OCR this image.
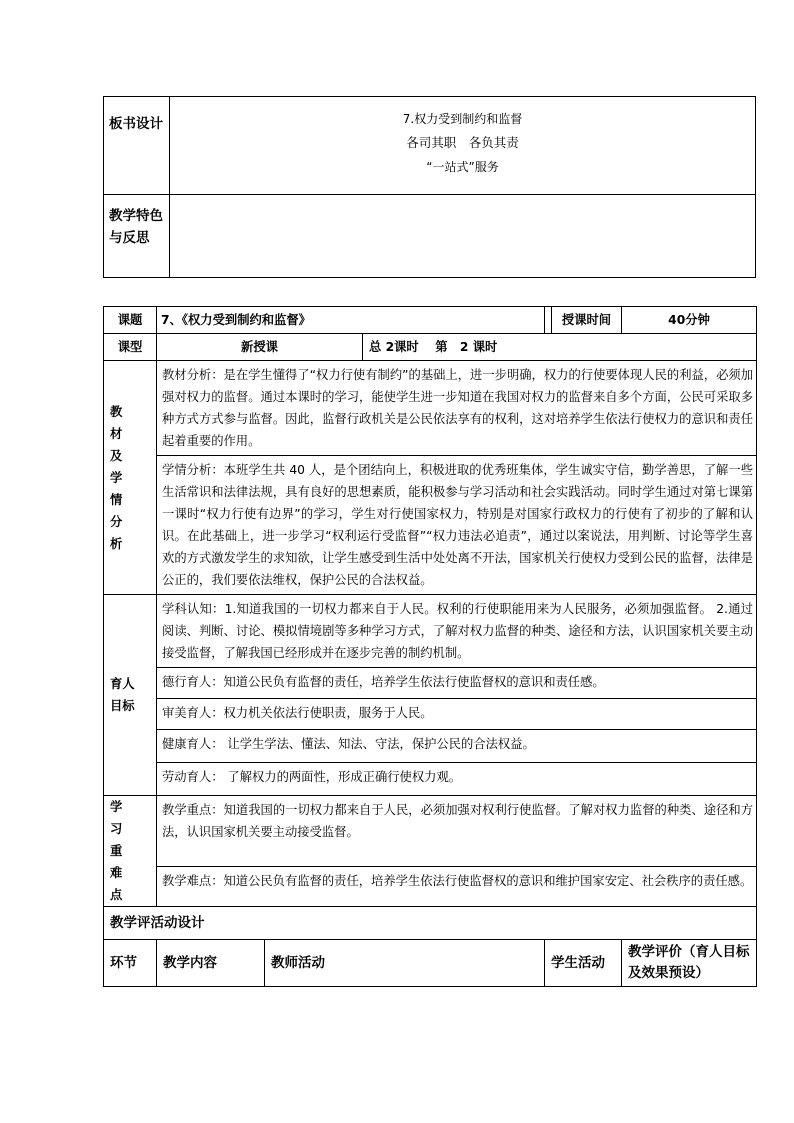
板书设计	7.权力受到制约和监督
各司其职　各负其责
“一站式”服务

教学特色与反思	
课题	7、《权力受到制约和监督》				授课时间	40分钟
课型	新授课		总 2课时　 第　2 课时			

教材及学情分析	教材分析：是在学生懂得了“权力行使有制约”的基础上，进一步明确，权力的行使要体现人民的利益，必须加强对权力的监督。通过本课时的学习，能使学生进一步知道在我国对权力的监督来自多个方面，公民可采取多种方式方式参与监督。因此，监督行政机关是公民依法享有的权利，这对培养学生依法行使权力的意识和责任起着重要的作用。					
	学情分析：本班学生共 40 人，是个团结向上，积极进取的优秀班集体，学生诚实守信，勤学善思，了解一些生活常识和法律法规，具有良好的思想素质，能积极参与学习活动和社会实践活动。同时学生通过对第七课第一课时“权力行使有边界”的学习，学生对行使国家权力，特别是对国家行政权力的行使有了初步的了解和认识。在此基础上，进一步学习“权利运行受监督”“权力违法必追责”，通过以案说法，用判断、讨论等学生喜欢的方式激发学生的求知欲，让学生感受到生活中处处离不开法，国家机关行使权力受到公民的监督，法律是公正的，我们要依法维权，保护公民的合法权益。					

育人目标	学科认知：1.知道我国的一切权力都来自于人民。权利的行使职能用来为人民服务，必须加强监督。 2.通过阅读、判断、讨论、模拟情境剧等多种学习方式，了解对权力监督的种类、途径和方法，认识国家机关要主动接受监督，了解我国已经形成并在逐步完善的制约机制。					
	德行育人：知道公民负有监督的责任，培养学生依法行使监督权的意识和责任感。					
	审美育人：权力机关依法行使职责，服务于人民。					
	健康育人： 让学生学法、懂法、知法、守法，保护公民的合法权益。					
	劳动育人： 了解权力的两面性，形成正确行使权力观。					

学习重难点	教学重点：知道我国的一切权力都来自于人民，必须加强对权利行使监督。了解对权力监督的种类、途径和方法，认识国家机关要主动接受监督。					
	教学难点：知道公民负有监督的责任，培养学生依法行使监督权的意识和维护国家安定、社会秩序的责任感。					
教学评活动设计						
环节	教学内容	教师活动		学生活动		教学评价（育人目标及效果预设）
